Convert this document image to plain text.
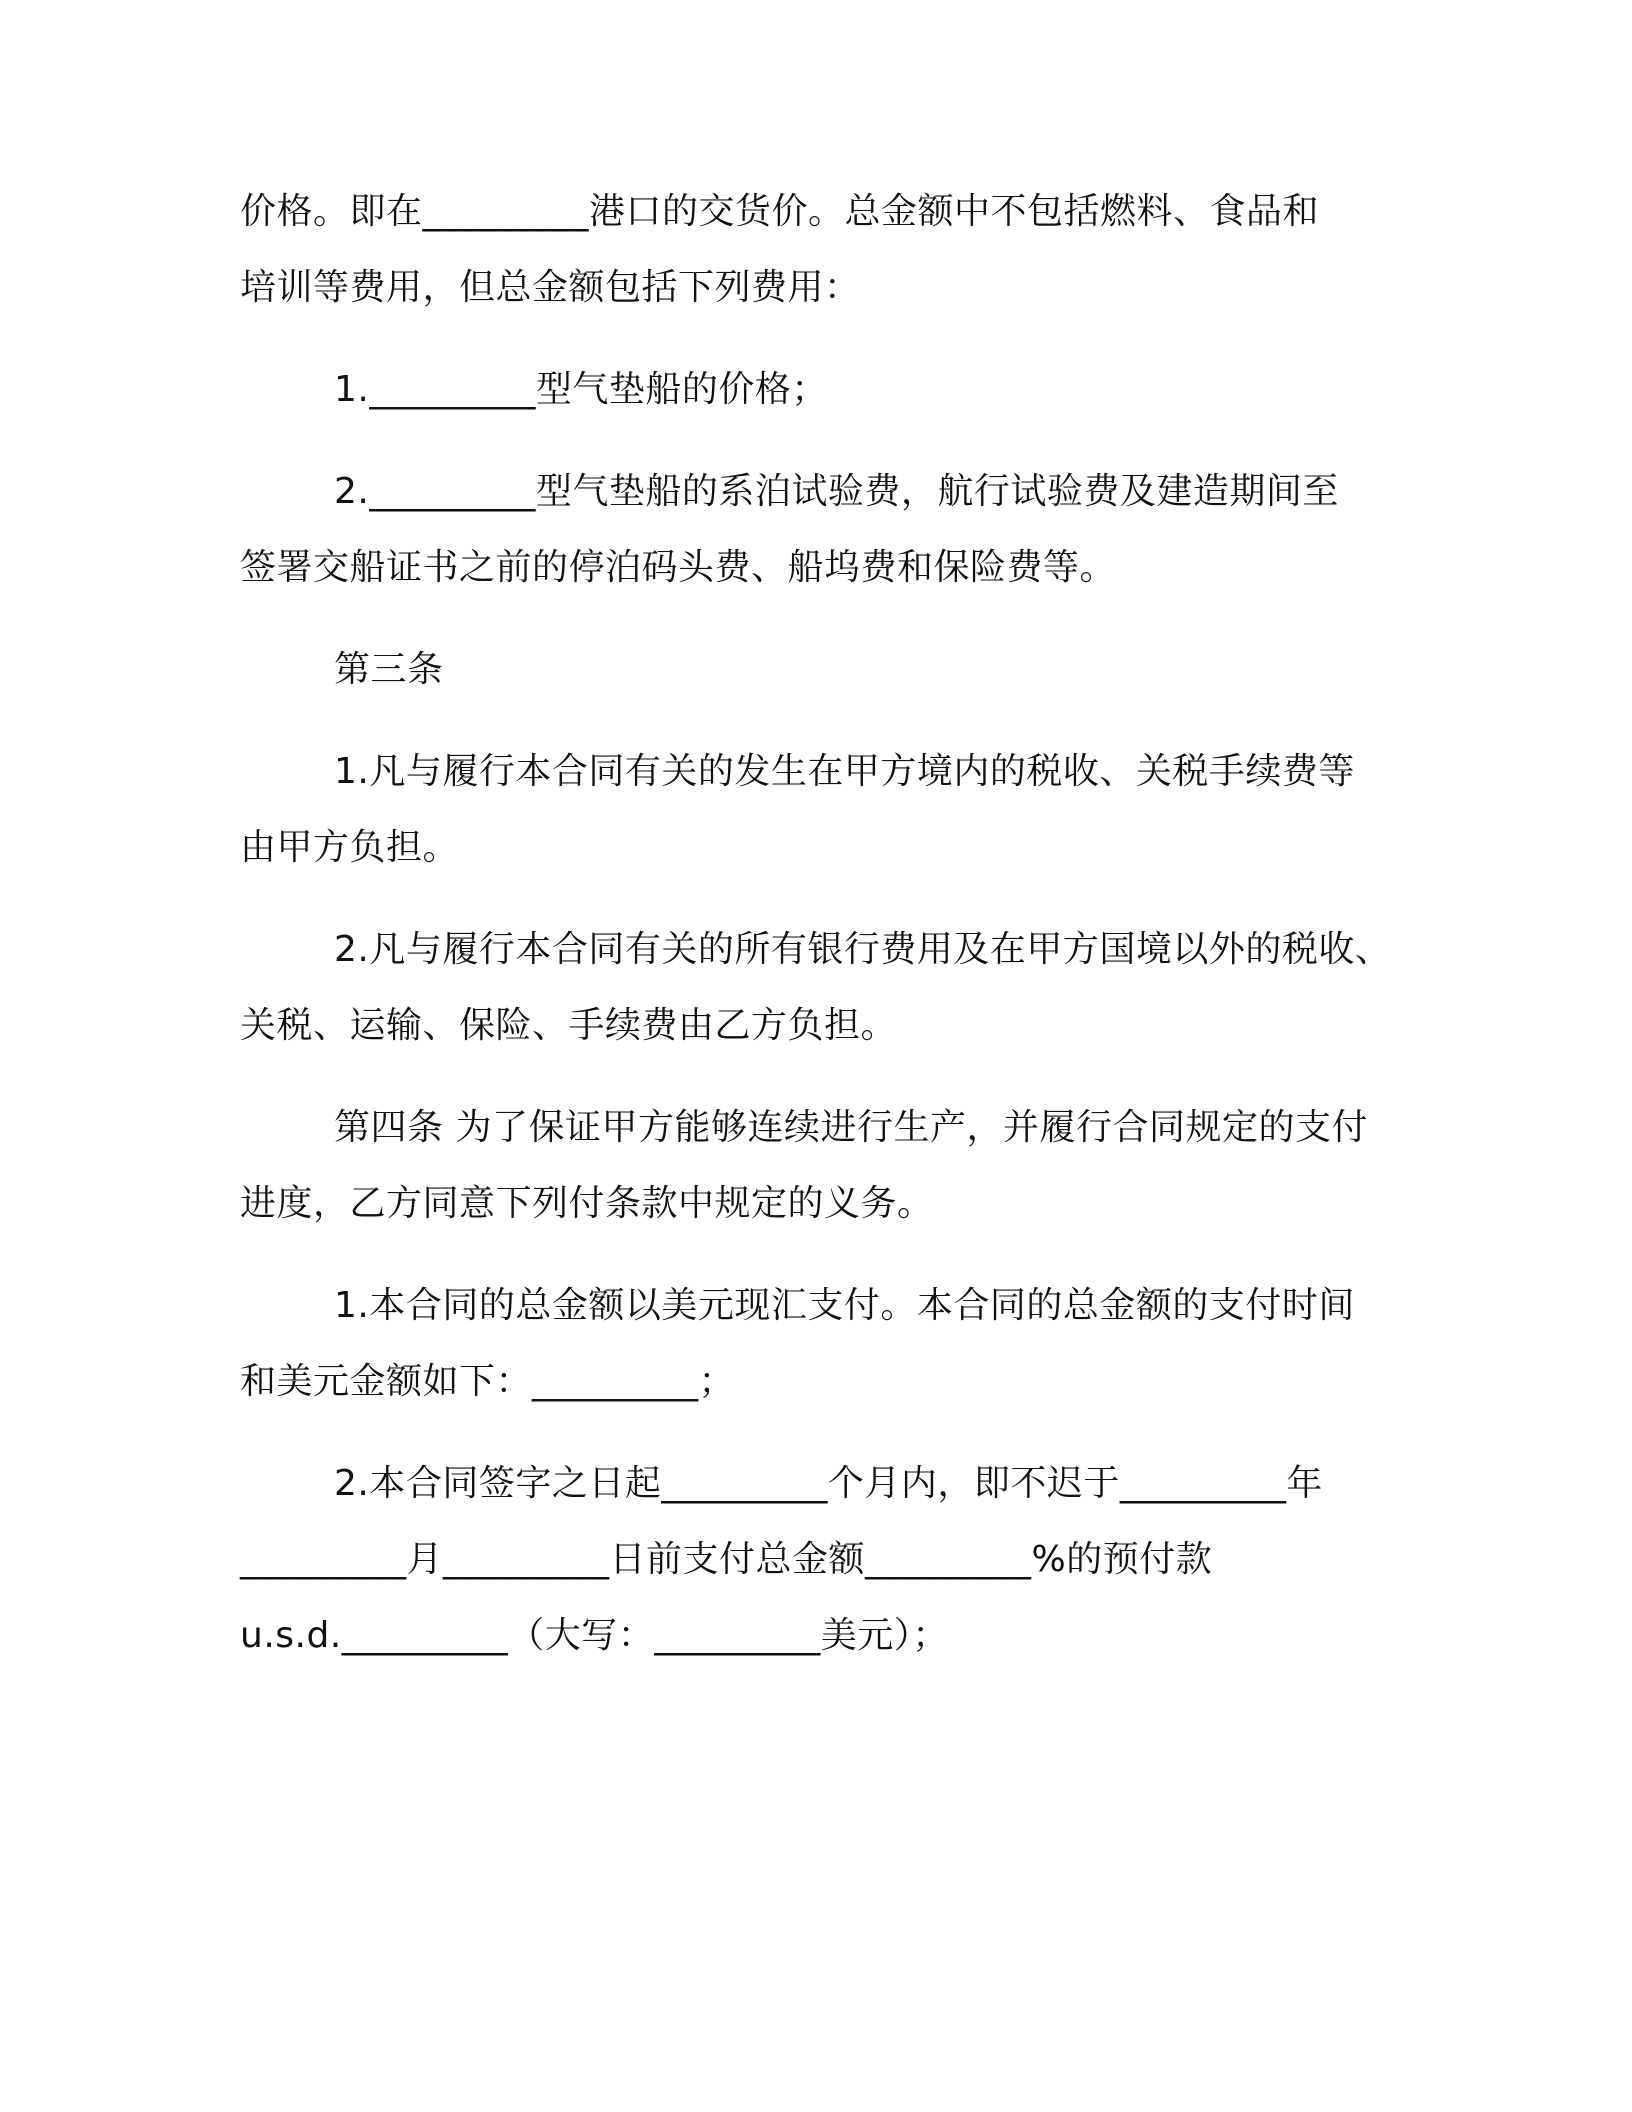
价格。即在_________港口的交货价。总金额中不包括燃料、食品和
培训等费用，但总金额包括下列费用：
1._________型气垫船的价格；
2._________型气垫船的系泊试验费，航行试验费及建造期间至
签署交船证书之前的停泊码头费、船坞费和保险费等。
第三条
1.凡与履行本合同有关的发生在甲方境内的税收、关税手续费等
由甲方负担。
2.凡与履行本合同有关的所有银行费用及在甲方国境以外的税收、
关税、运输、保险、手续费由乙方负担。
第四条 为了保证甲方能够连续进行生产，并履行合同规定的支付
进度，乙方同意下列付条款中规定的义务。
1.本合同的总金额以美元现汇支付。本合同的总金额的支付时间
和美元金额如下：_________；
2.本合同签字之日起_________个月内，即不迟于_________年
_________月_________日前支付总金额_________%的预付款
u.s.d._________（大写：_________美元）；
